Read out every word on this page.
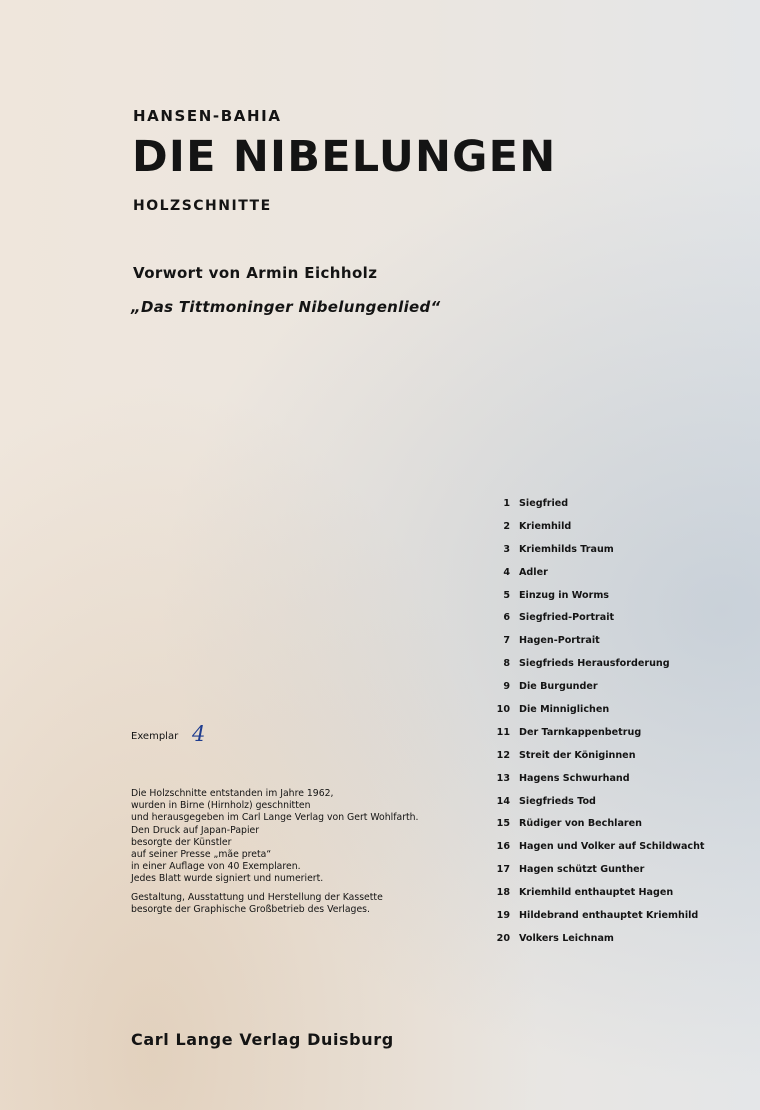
HANSEN-BAHIA
DIE NIBELUNGEN
HOLZSCHNITTE
Vorwort von Armin Eichholz
„Das Tittmoninger Nibelungenlied“
1 Siegfried
2 Kriemhild
3 Kriemhilds Traum
4 Adler
5 Einzug in Worms
6 Siegfried-Portrait
7 Hagen-Portrait
8 Siegfrieds Herausforderung
9 Die Burgunder
10 Die Minniglichen
11 Der Tarnkappenbetrug
12 Streit der Königinnen
13 Hagens Schwurhand
14 Siegfrieds Tod
15 Rüdiger von Bechlaren
16 Hagen und Volker auf Schildwacht
17 Hagen schützt Gunther
18 Kriemhild enthauptet Hagen
19 Hildebrand enthauptet Kriemhild
20 Volkers Leichnam
Exemplar 4
Die Holzschnitte entstanden im Jahre 1962,
wurden in Birne (Hirnholz) geschnitten
und herausgegeben im Carl Lange Verlag von Gert Wohlfarth.
Den Druck auf Japan-Papier
besorgte der Künstler
auf seiner Presse „mãe preta“
in einer Auflage von 40 Exemplaren.
Jedes Blatt wurde signiert und numeriert.
Gestaltung, Ausstattung und Herstellung der Kassette
besorgte der Graphische Großbetrieb des Verlages.
Carl Lange Verlag Duisburg
